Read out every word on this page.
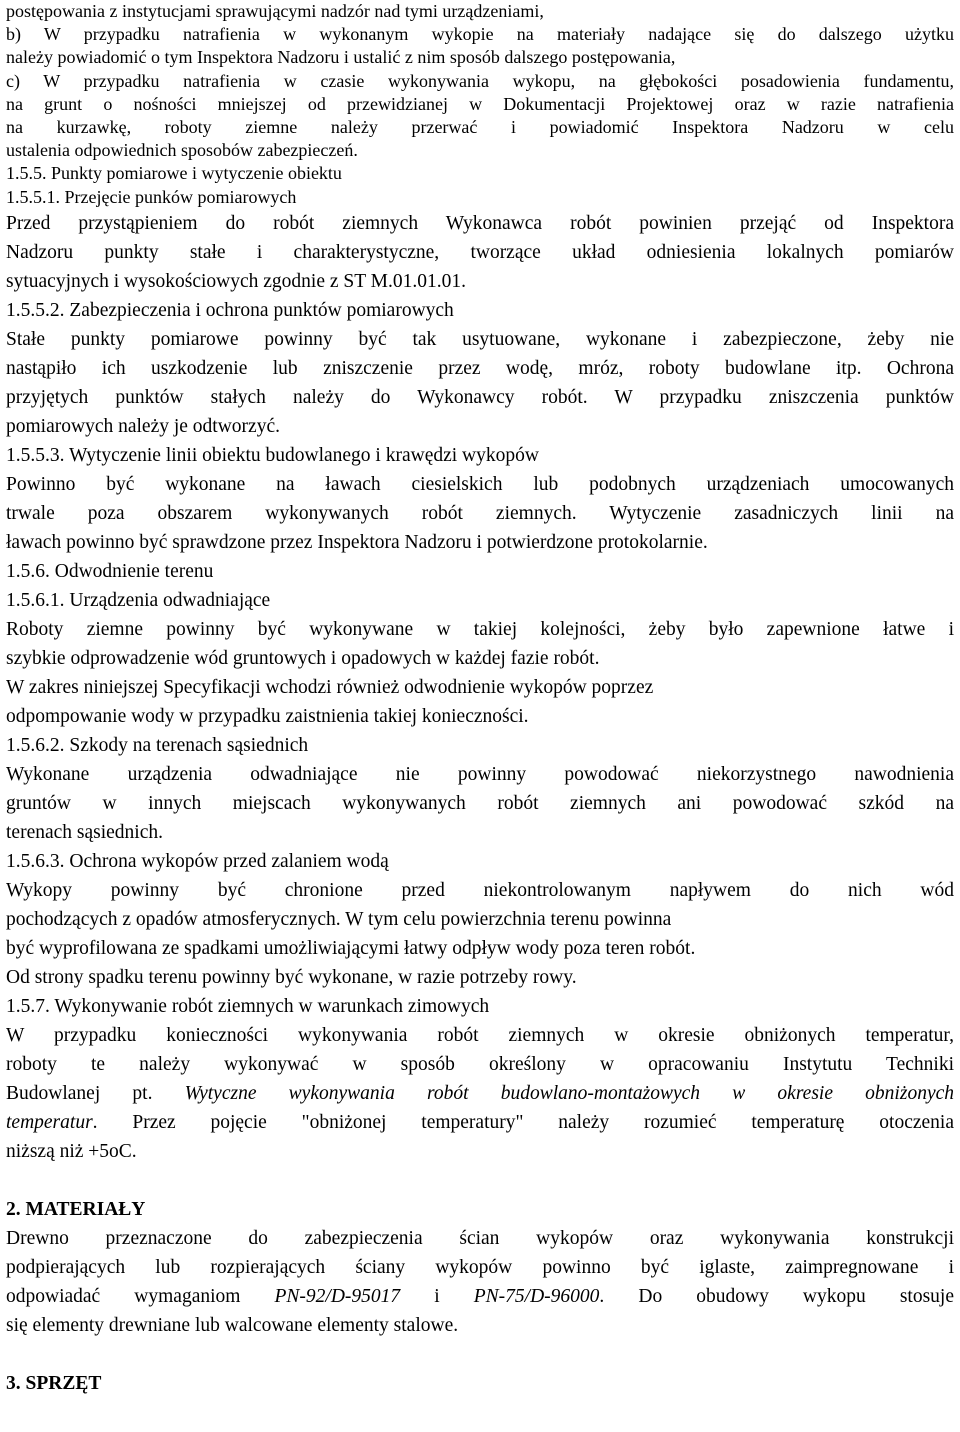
postępowania z instytucjami sprawującymi nadzór nad tymi urządzeniami,
b) W przypadku natrafienia w wykonanym wykopie na materiały nadające się do dalszego użytku
należy powiadomić o tym Inspektora Nadzoru i ustalić z nim sposób dalszego postępowania,
c) W przypadku natrafienia w czasie wykonywania wykopu, na głębokości posadowienia fundamentu,
na grunt o nośności mniejszej od przewidzianej w Dokumentacji Projektowej oraz w razie natrafienia
na kurzawkę, roboty ziemne należy przerwać i powiadomić Inspektora Nadzoru w celu
ustalenia odpowiednich sposobów zabezpieczeń.
1.5.5. Punkty pomiarowe i wytyczenie obiektu
1.5.5.1. Przejęcie punków pomiarowych
Przed przystąpieniem do robót ziemnych Wykonawca robót powinien przejąć od Inspektora
Nadzoru punkty stałe i charakterystyczne, tworzące układ odniesienia lokalnych pomiarów
sytuacyjnych i wysokościowych zgodnie z ST M.01.01.01.
1.5.5.2. Zabezpieczenia i ochrona punktów pomiarowych
Stałe punkty pomiarowe powinny być tak usytuowane, wykonane i zabezpieczone, żeby nie
nastąpiło ich uszkodzenie lub zniszczenie przez wodę, mróz, roboty budowlane itp. Ochrona
przyjętych punktów stałych należy do Wykonawcy robót. W przypadku zniszczenia punktów
pomiarowych należy je odtworzyć.
1.5.5.3. Wytyczenie linii obiektu budowlanego i krawędzi wykopów
Powinno być wykonane na ławach ciesielskich lub podobnych urządzeniach umocowanych
trwale poza obszarem wykonywanych robót ziemnych. Wytyczenie zasadniczych linii na
ławach powinno być sprawdzone przez Inspektora Nadzoru i potwierdzone protokolarnie.
1.5.6. Odwodnienie terenu
1.5.6.1. Urządzenia odwadniające
Roboty ziemne powinny być wykonywane w takiej kolejności, żeby było zapewnione łatwe i
szybkie odprowadzenie wód gruntowych i opadowych w każdej fazie robót.
W zakres niniejszej Specyfikacji wchodzi również odwodnienie wykopów poprzez
odpompowanie wody w przypadku zaistnienia takiej konieczności.
1.5.6.2. Szkody na terenach sąsiednich
Wykonane urządzenia odwadniające nie powinny powodować niekorzystnego nawodnienia
gruntów w innych miejscach wykonywanych robót ziemnych ani powodować szkód na
terenach sąsiednich.
1.5.6.3. Ochrona wykopów przed zalaniem wodą
Wykopy powinny być chronione przed niekontrolowanym napływem do nich wód
pochodzących z opadów atmosferycznych. W tym celu powierzchnia terenu powinna
być wyprofilowana ze spadkami umożliwiającymi łatwy odpływ wody poza teren robót.
Od strony spadku terenu powinny być wykonane, w razie potrzeby rowy.
1.5.7. Wykonywanie robót ziemnych w warunkach zimowych
W przypadku konieczności wykonywania robót ziemnych w okresie obniżonych temperatur,
roboty te należy wykonywać w sposób określony w opracowaniu Instytutu Techniki
Budowlanej pt. Wytyczne wykonywania robót budowlano-montażowych w okresie obniżonych
temperatur. Przez pojęcie "obniżonej temperatury" należy rozumieć temperaturę otoczenia
niższą niż +5oC.
2. MATERIAŁY
Drewno przeznaczone do zabezpieczenia ścian wykopów oraz wykonywania konstrukcji
podpierających lub rozpierających ściany wykopów powinno być iglaste, zaimpregnowane i
odpowiadać wymaganiom PN-92/D-95017 i PN-75/D-96000. Do obudowy wykopu stosuje
się elementy drewniane lub walcowane elementy stalowe.
3. SPRZĘT
